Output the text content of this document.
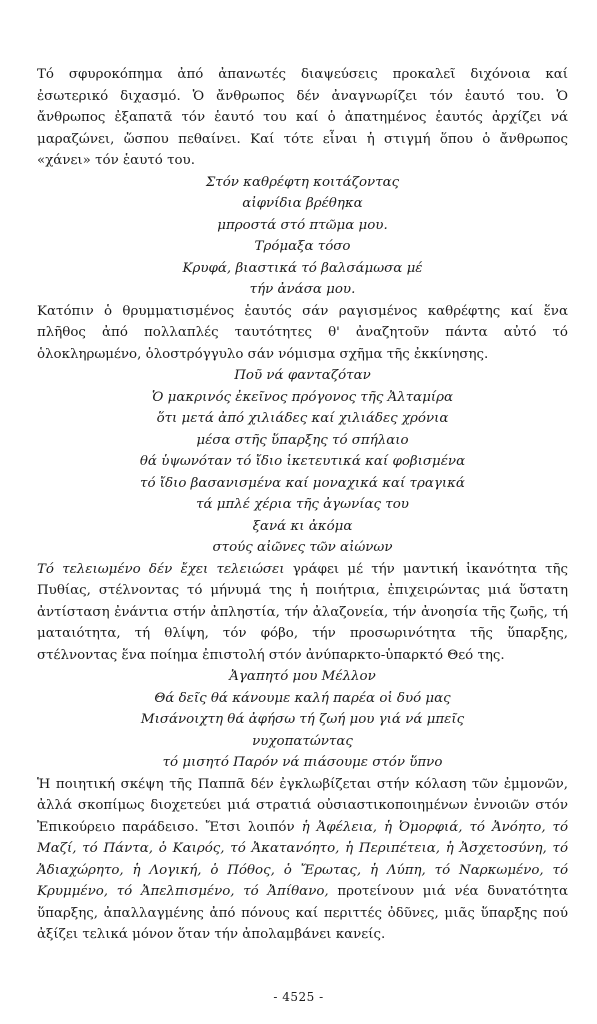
Τό σφυροκόπημα ἀπό ἀπανωτές διαψεύσεις προκαλεῖ διχόνοια καί ἐσωτερικό διχασμό. Ὁ ἄνθρωπος δέν ἀναγνωρίζει τόν ἑαυτό του. Ὁ ἄνθρωπος ἐξαπατᾶ τόν ἑαυτό του καί ὁ ἀπατημένος ἑαυτός ἀρχίζει νά μαραζώνει, ὥσπου πεθαίνει. Καί τότε εἶναι ἡ στιγμή ὅπου ὁ ἄνθρωπος «χάνει» τόν ἑαυτό του.

Στόν καθρέφτη κοιτάζοντας
αἰφνίδια βρέθηκα
μπροστά στό πτῶμα μου.
Τρόμαξα τόσο
Κρυφά, βιαστικά τό βαλσάμωσα μέ
τήν ἀνάσα μου.

Κατόπιν ὁ θρυμματισμένος ἑαυτός σάν ραγισμένος καθρέφτης καί ἕνα πλῆθος ἀπό πολλαπλές ταυτότητες θ' ἀναζητοῦν πάντα αὐτό τό ὁλοκληρωμένο, ὁλοστρόγγυλο σάν νόμισμα σχῆμα τῆς ἐκκίνησης.

Ποῦ νά φανταζόταν
Ὁ μακρινός ἐκεῖνος πρόγονος τῆς Ἀλταμίρα
ὅτι μετά ἀπό χιλιάδες καί χιλιάδες χρόνια
μέσα στῆς ὕπαρξης τό σπήλαιο
θά ὑψωνόταν τό ἴδιο ἱκετευτικά καί φοβισμένα
τό ἴδιο βασανισμένα καί μοναχικά καί τραγικά
τά μπλέ χέρια τῆς ἀγωνίας του
ξανά κι ἀκόμα
στούς αἰῶνες τῶν αἰώνων

Τό τελειωμένο δέν ἔχει τελειώσει γράφει μέ τήν μαντική ἱκανότητα τῆς Πυθίας, στέλνοντας τό μήνυμά της ἡ ποιήτρια, ἐπιχειρώντας μιά ὕστατη ἀντίσταση ἐνάντια στήν ἀπληστία, τήν ἀλαζονεία, τήν ἀνοησία τῆς ζωῆς, τή ματαιότητα, τή θλίψη, τόν φόβο, τήν προσωρινότητα τῆς ὕπαρξης, στέλνοντας ἕνα ποίημα ἐπιστολή στόν ἀνύπαρκτο-ὑπαρκτό Θεό της.

Ἀγαπητό μου Μέλλον
Θά δεῖς θά κάνουμε καλή παρέα οἱ δυό μας
Μισάνοιχτη θά ἀφήσω τή ζωή μου γιά νά μπεῖς
νυχοπατώντας
τό μισητό Παρόν νά πιάσουμε στόν ὕπνο

Ἡ ποιητική σκέψη τῆς Παππᾶ δέν ἐγκλωβίζεται στήν κόλαση τῶν ἐμμονῶν, ἀλλά σκοπίμως διοχετεύει μιά στρατιά οὐσιαστικοποιημένων ἐννοιῶν στόν Ἐπικούρειο παράδεισο. Ἔτσι λοιπόν ἡ Ἀφέλεια, ἡ Ὀμορφιά, τό Ἀνόητο, τό Μαζί, τό Πάντα, ὁ Καιρός, τό Ἀκατανόητο, ἡ Περιπέτεια, ἡ Ἀσχετοσύνη, τό Ἀδιαχώρητο, ἡ Λογική, ὁ Πόθος, ὁ Ἔρωτας, ἡ Λύπη, τό Ναρκωμένο, τό Κρυμμένο, τό Ἀπελπισμένο, τό Ἀπίθανο, προτείνουν μιά νέα δυνατότητα ὕπαρξης, ἀπαλλαγμένης ἀπό πόνους καί περιττές ὀδῦνες, μιᾶς ὕπαρξης πού ἀξίζει τελικά μόνον ὅταν τήν ἀπολαμβάνει κανείς.

- 4525 -
